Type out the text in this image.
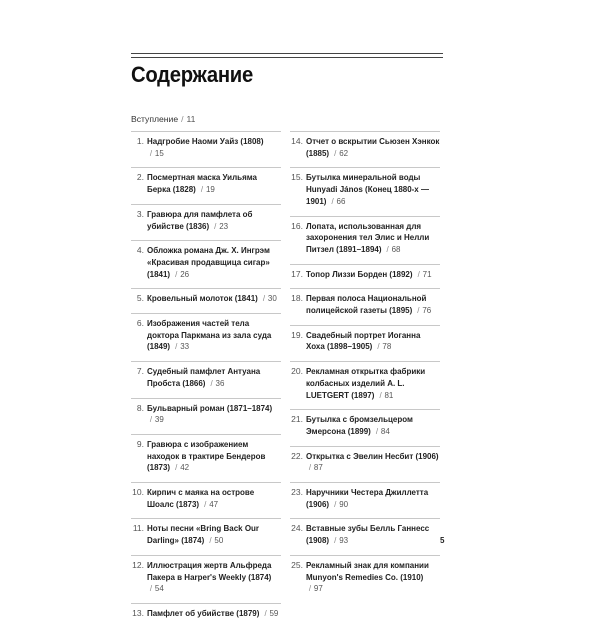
Содержание
Вступление / 11
1. Надгробие Наоми Уайз (1808) / 15
2. Посмертная маска Уильяма Берка (1828) / 19
3. Гравюра для памфлета об убийстве (1836) / 23
4. Обложка романа Дж. Х. Ингрэм «Красивая продавщица сигар» (1841) / 26
5. Кровельный молоток (1841) / 30
6. Изображения частей тела доктора Паркмана из зала суда (1849) / 33
7. Судебный памфлет Антуана Пробста (1866) / 36
8. Бульварный роман (1871–1874) / 39
9. Гравюра с изображением находок в трактире Бендеров (1873) / 42
10. Кирпич с маяка на острове Шоалс (1873) / 47
11. Ноты песни «Bring Back Our Darling» (1874) / 50
12. Иллюстрация жертв Альфреда Пакера в Harper's Weekly (1874) / 54
13. Памфлет об убийстве (1879) / 59
14. Отчет о вскрытии Сьюзен Хэнкок (1885) / 62
15. Бутылка минеральной воды Hunyadi János (Конец 1880-х — 1901) / 66
16. Лопата, использованная для захоронения тел Элис и Нелли Питзел (1891–1894) / 68
17. Топор Лиззи Борден (1892) / 71
18. Первая полоса Национальной полицейской газеты (1895) / 76
19. Свадебный портрет Иоганна Хоха (1898–1905) / 78
20. Рекламная открытка фабрики колбасных изделий A. L. LUETGERT (1897) / 81
21. Бутылка с бромзельцером Эмерсона (1899) / 84
22. Открытка с Эвелин Несбит (1906) / 87
23. Наручники Честера Джиллетта (1906) / 90
24. Вставные зубы Белль Ганнесс (1908) / 93
25. Рекламный знак для компании Munyon's Remedies Co. (1910) / 97
5
